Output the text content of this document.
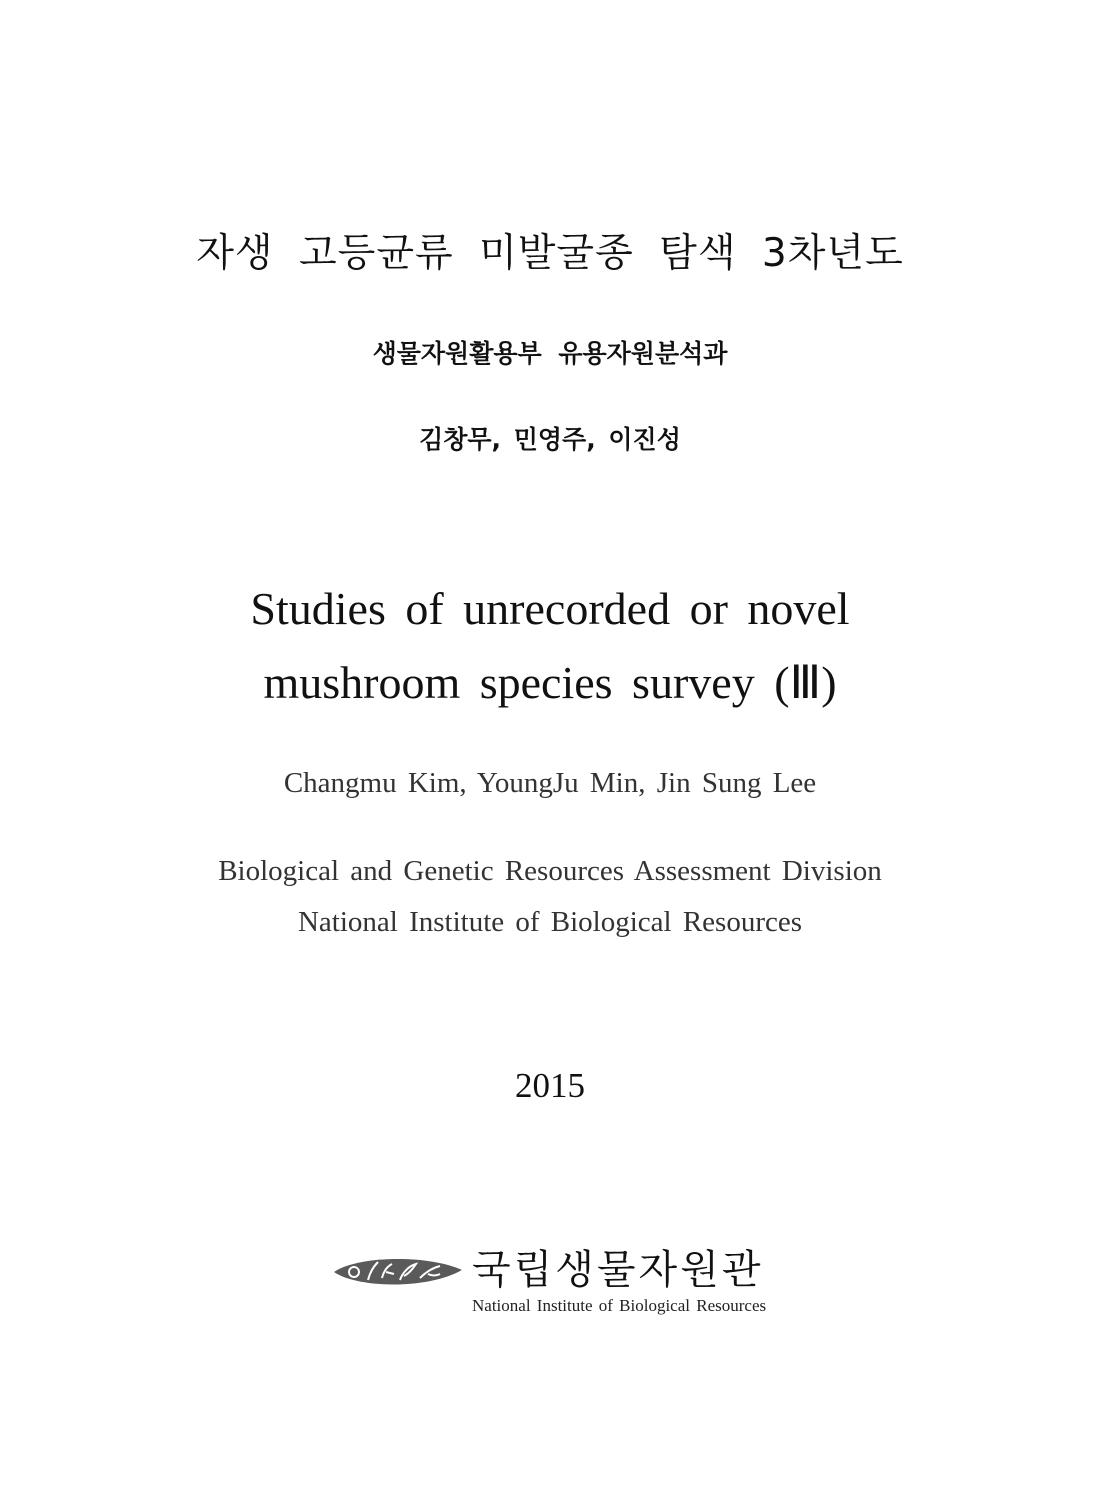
자생 고등균류 미발굴종 탐색 3차년도

생물자원활용부 유용자원분석과

김창무, 민영주, 이진성

Studies of unrecorded or novel

mushroom species survey (Ⅲ)

Changmu Kim, YoungJu Min, Jin Sung Lee

Biological and Genetic Resources Assessment Division

National Institute of Biological Resources

2015

국립생물자원관
National Institute of Biological Resources
